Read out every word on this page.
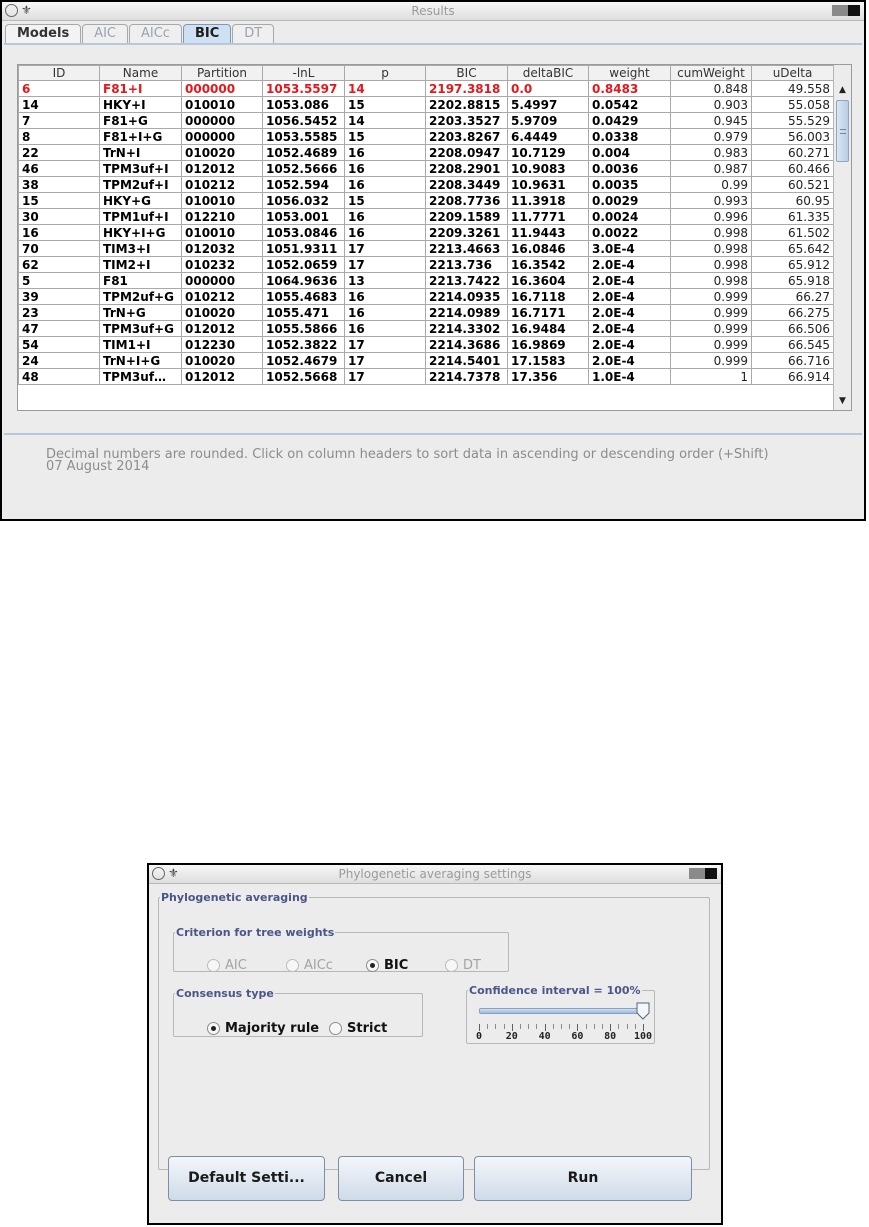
⚜	Results
Models	AIC	AICc	BIC	DT
ID	Name	Partition	-lnL	p	BIC	deltaBIC	weight	cumWeight	uDelta
6	F81+I	000000	1053.5597	14	2197.3818	0.0	0.8483	0.848	49.558
14	HKY+I	010010	1053.086	15	2202.8815	5.4997	0.0542	0.903	55.058
7	F81+G	000000	1056.5452	14	2203.3527	5.9709	0.0429	0.945	55.529
8	F81+I+G	000000	1053.5585	15	2203.8267	6.4449	0.0338	0.979	56.003
22	TrN+I	010020	1052.4689	16	2208.0947	10.7129	0.004	0.983	60.271
46	TPM3uf+I	012012	1052.5666	16	2208.2901	10.9083	0.0036	0.987	60.466
38	TPM2uf+I	010212	1052.594	16	2208.3449	10.9631	0.0035	0.99	60.521
15	HKY+G	010010	1056.032	15	2208.7736	11.3918	0.0029	0.993	60.95
30	TPM1uf+I	012210	1053.001	16	2209.1589	11.7771	0.0024	0.996	61.335
16	HKY+I+G	010010	1053.0846	16	2209.3261	11.9443	0.0022	0.998	61.502
70	TIM3+I	012032	1051.9311	17	2213.4663	16.0846	3.0E-4	0.998	65.642
62	TIM2+I	010232	1052.0659	17	2213.736	16.3542	2.0E-4	0.998	65.912
5	F81	000000	1064.9636	13	2213.7422	16.3604	2.0E-4	0.998	65.918
39	TPM2uf+G	010212	1055.4683	16	2214.0935	16.7118	2.0E-4	0.999	66.27
23	TrN+G	010020	1055.471	16	2214.0989	16.7171	2.0E-4	0.999	66.275
47	TPM3uf+G	012012	1055.5866	16	2214.3302	16.9484	2.0E-4	0.999	66.506
54	TIM1+I	012230	1052.3822	17	2214.3686	16.9869	2.0E-4	0.999	66.545
24	TrN+I+G	010020	1052.4679	17	2214.5401	17.1583	2.0E-4	0.999	66.716
48	TPM3uf…	012012	1052.5668	17	2214.7378	17.356	1.0E-4	1	66.914
▲
▼
Decimal numbers are rounded. Click on column headers to sort data in ascending or descending order (+Shift)
07 August 2014
⚜	Phylogenetic averaging settings
Phylogenetic averaging
Criterion for tree weights
AIC	AICc	BIC	DT
Consensus type
Majority rule Strict
Confidence interval = 100%
0 20 40 60 80 100
Default Setti...	Cancel	Run
